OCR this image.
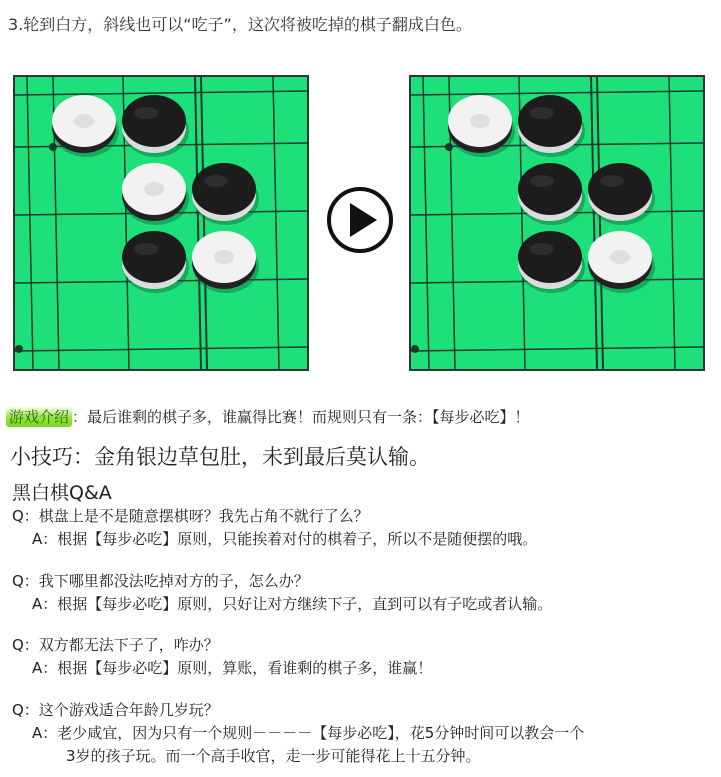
3.轮到白方，斜线也可以“吃子”，这次将被吃掉的棋子翻成白色。
游戏介绍 ：最后谁剩的棋子多，谁赢得比赛！而规则只有一条：【每步必吃】！
小技巧：金角银边草包肚，未到最后莫认输。
黑白棋Q&A
Q：棋盘上是不是随意摆棋呀？我先占角不就行了么？
A：根据【每步必吃】原则，只能挨着对付的棋着子，所以不是随便摆的哦。
Q：我下哪里都没法吃掉对方的子，怎么办？
A：根据【每步必吃】原则，只好让对方继续下子，直到可以有子吃或者认输。
Q：双方都无法下子了，咋办？
A：根据【每步必吃】原则，算账，看谁剩的棋子多，谁赢！
Q：这个游戏适合年龄几岁玩？
A：老少咸宜，因为只有一个规则－－－－【每步必吃】，花5分钟时间可以教会一个
3岁的孩子玩。而一个高手收官，走一步可能得花上十五分钟。
